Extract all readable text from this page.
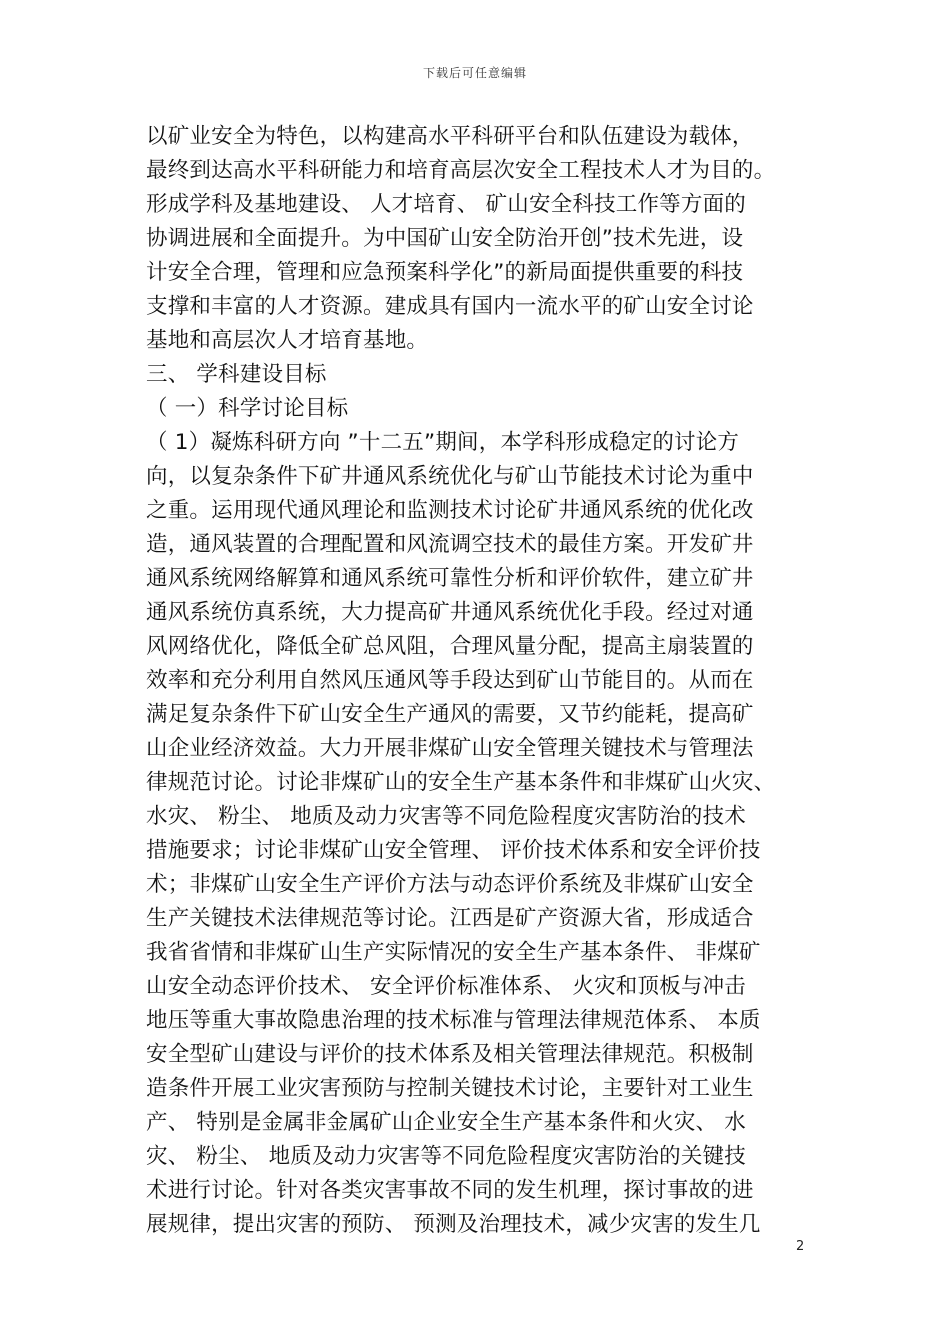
下载后可任意编辑
以矿业安全为特色，以构建高水平科研平台和队伍建设为载体，
最终到达高水平科研能力和培育高层次安全工程技术人才为目的。
形成学科及基地建设、 人才培育、 矿山安全科技工作等方面的
协调进展和全面提升。为中国矿山安全防治开创”技术先进，设
计安全合理，管理和应急预案科学化”的新局面提供重要的科技
支撑和丰富的人才资源。建成具有国内一流水平的矿山安全讨论
基地和高层次人才培育基地。
三、 学科建设目标
（ 一）科学讨论目标
（ 1）凝炼科研方向 ”十二五”期间，本学科形成稳定的讨论方
向，以复杂条件下矿井通风系统优化与矿山节能技术讨论为重中
之重。运用现代通风理论和监测技术讨论矿井通风系统的优化改
造，通风装置的合理配置和风流调空技术的最佳方案。开发矿井
通风系统网络解算和通风系统可靠性分析和评价软件，建立矿井
通风系统仿真系统，大力提高矿井通风系统优化手段。经过对通
风网络优化，降低全矿总风阻，合理风量分配，提高主扇装置的
效率和充分利用自然风压通风等手段达到矿山节能目的。从而在
满足复杂条件下矿山安全生产通风的需要，又节约能耗，提高矿
山企业经济效益。大力开展非煤矿山安全管理关键技术与管理法
律规范讨论。讨论非煤矿山的安全生产基本条件和非煤矿山火灾、
水灾、 粉尘、 地质及动力灾害等不同危险程度灾害防治的技术
措施要求；讨论非煤矿山安全管理、 评价技术体系和安全评价技
术；非煤矿山安全生产评价方法与动态评价系统及非煤矿山安全
生产关键技术法律规范等讨论。江西是矿产资源大省，形成适合
我省省情和非煤矿山生产实际情况的安全生产基本条件、 非煤矿
山安全动态评价技术、 安全评价标准体系、 火灾和顶板与冲击
地压等重大事故隐患治理的技术标准与管理法律规范体系、 本质
安全型矿山建设与评价的技术体系及相关管理法律规范。积极制
造条件开展工业灾害预防与控制关键技术讨论，主要针对工业生
产、 特别是金属非金属矿山企业安全生产基本条件和火灾、 水
灾、 粉尘、 地质及动力灾害等不同危险程度灾害防治的关键技
术进行讨论。针对各类灾害事故不同的发生机理，探讨事故的进
展规律，提出灾害的预防、 预测及治理技术，减少灾害的发生几
2
